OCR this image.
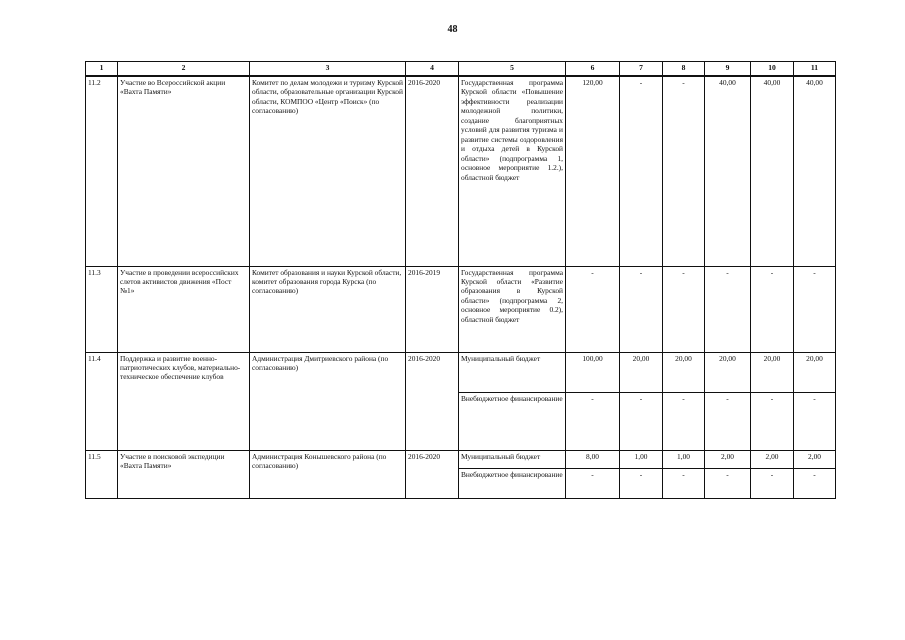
48
1	2	3	4	5	6	7	8	9	10	11
11.2	Участие во Всероссийской акции «Вахта Памяти»	Комитет по делам молодежи и туризму Курской области, образовательные организации Курской области, КОМПОО «Центр «Поиск» (по согласованию)	2016-2020	Государственная программа Курской области «Повышение эффективности реализации молодежной политики, создание благоприятных условий для развития туризма и развитие системы оздоровления и отдыха детей в Курской области» (подпрограмма 1, основное мероприятие 1.2.), областной бюджет	120,00	-	-	40,00	40,00	40,00
11.3	Участие в проведении всероссийских слетов активистов движения «Пост №1»	Комитет образования и науки Курской области, комитет образования города Курска (по согласованию)	2016-2019	Государственная программа Курской области «Развитие образования в Курской области» (подпрограмма 2, основное мероприятие 0.2), областной бюджет	-	-	-	-	-	-
11.4	Поддержка и развитие военно-патриотических клубов, материально-техническое обеспечение клубов	Администрация Дмитриевского района (по согласованию)	2016-2020	Муниципальный бюджет	100,00	20,00	20,00	20,00	20,00	20,00
				Внебюджетное финансирование	-	-	-	-	-	-
11.5	Участие в поисковой экспедиции «Вахта Памяти»	Администрация Конышевского района (по согласованию)	2016-2020	Муниципальный бюджет	8,00	1,00	1,00	2,00	2,00	2,00
				Внебюджетное финансирование	-	-	-	-	-	-
